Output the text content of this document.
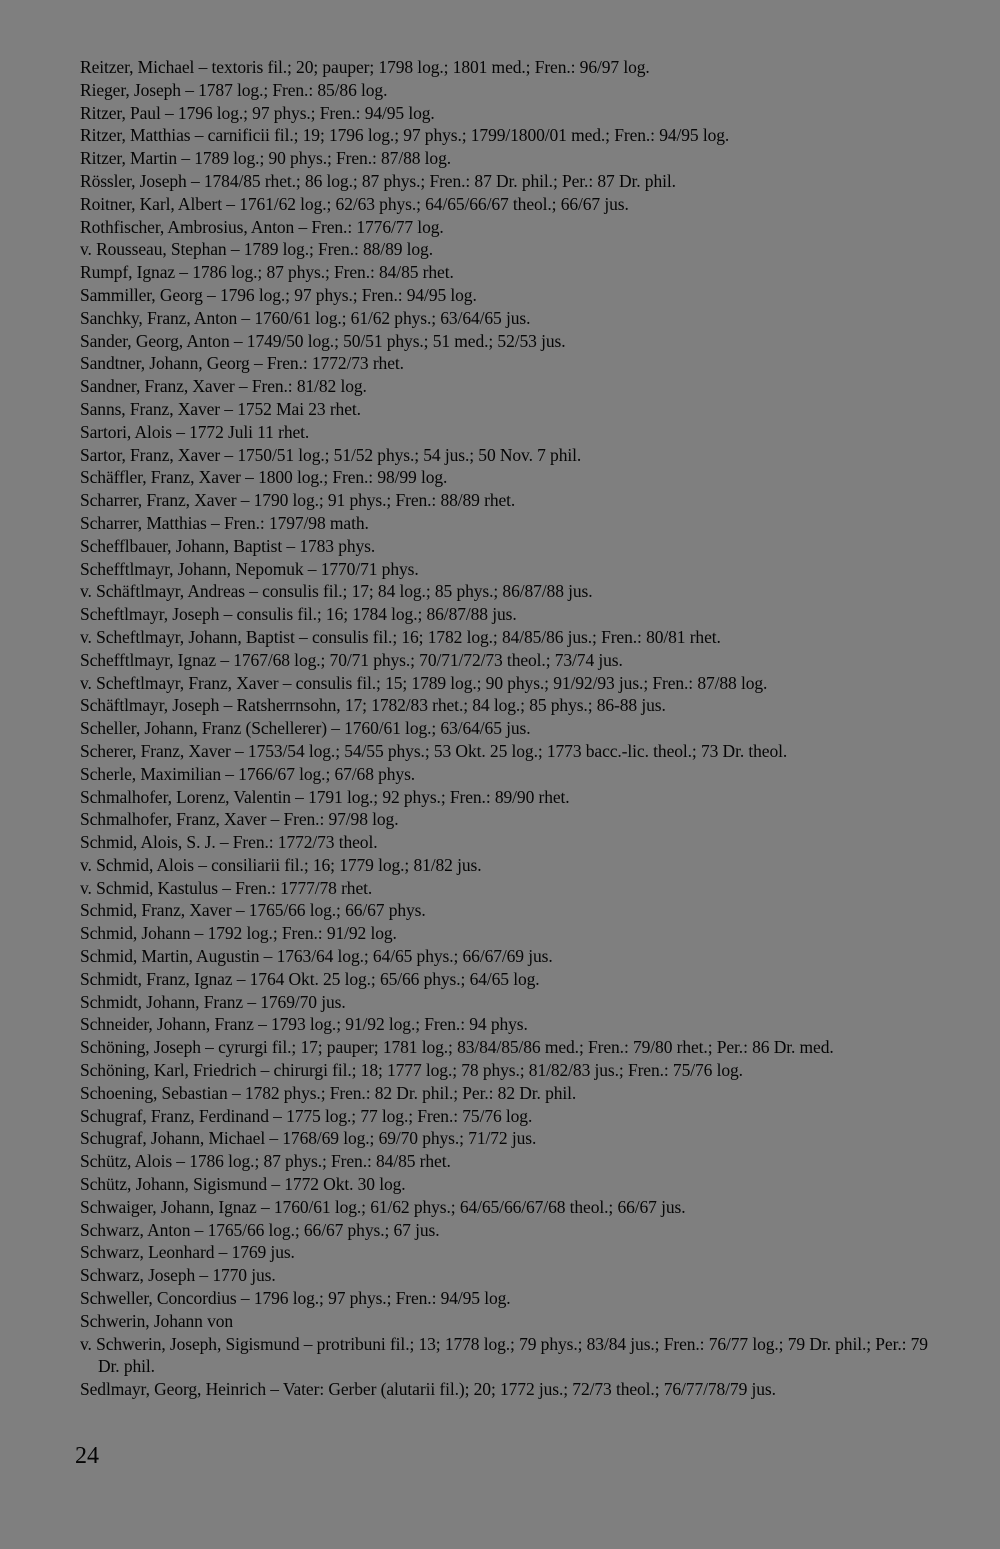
Reitzer, Michael – textoris fil.; 20; pauper; 1798 log.; 1801 med.; Fren.: 96/97 log.

Rieger, Joseph – 1787 log.; Fren.: 85/86 log.

Ritzer, Paul – 1796 log.; 97 phys.; Fren.: 94/95 log.

Ritzer, Matthias – carnificii fil.; 19; 1796 log.; 97 phys.; 1799/1800/01 med.; Fren.: 94/95 log.

Ritzer, Martin – 1789 log.; 90 phys.; Fren.: 87/88 log.

Rössler, Joseph – 1784/85 rhet.; 86 log.; 87 phys.; Fren.: 87 Dr. phil.; Per.: 87 Dr. phil.

Roitner, Karl, Albert – 1761/62 log.; 62/63 phys.; 64/65/66/67 theol.; 66/67 jus.

Rothfischer, Ambrosius, Anton – Fren.: 1776/77 log.

v. Rousseau, Stephan – 1789 log.; Fren.: 88/89 log.

Rumpf, Ignaz – 1786 log.; 87 phys.; Fren.: 84/85 rhet.

Sammiller, Georg – 1796 log.; 97 phys.; Fren.: 94/95 log.

Sanchky, Franz, Anton – 1760/61 log.; 61/62 phys.; 63/64/65 jus.

Sander, Georg, Anton – 1749/50 log.; 50/51 phys.; 51 med.; 52/53 jus.

Sandtner, Johann, Georg – Fren.: 1772/73 rhet.

Sandner, Franz, Xaver – Fren.: 81/82 log.

Sanns, Franz, Xaver – 1752 Mai 23 rhet.

Sartori, Alois – 1772 Juli 11 rhet.

Sartor, Franz, Xaver – 1750/51 log.; 51/52 phys.; 54 jus.; 50 Nov. 7 phil.

Schäffler, Franz, Xaver – 1800 log.; Fren.: 98/99 log.

Scharrer, Franz, Xaver – 1790 log.; 91 phys.; Fren.: 88/89 rhet.

Scharrer, Matthias – Fren.: 1797/98 math.

Schefflbauer, Johann, Baptist – 1783 phys.

Schefftlmayr, Johann, Nepomuk – 1770/71 phys.

v. Schäftlmayr, Andreas – consulis fil.; 17; 84 log.; 85 phys.; 86/87/88 jus.

Scheftlmayr, Joseph – consulis fil.; 16; 1784 log.; 86/87/88 jus.

v. Scheftlmayr, Johann, Baptist – consulis fil.; 16; 1782 log.; 84/85/86 jus.; Fren.: 80/81 rhet.

Schefftlmayr, Ignaz – 1767/68 log.; 70/71 phys.; 70/71/72/73 theol.; 73/74 jus.

v. Scheftlmayr, Franz, Xaver – consulis fil.; 15; 1789 log.; 90 phys.; 91/92/93 jus.; Fren.: 87/88 log.

Schäftlmayr, Joseph – Ratsherrnsohn, 17; 1782/83 rhet.; 84 log.; 85 phys.; 86-88 jus.

Scheller, Johann, Franz (Schellerer) – 1760/61 log.; 63/64/65 jus.

Scherer, Franz, Xaver – 1753/54 log.; 54/55 phys.; 53 Okt. 25 log.; 1773 bacc.-lic. theol.; 73 Dr. theol.

Scherle, Maximilian – 1766/67 log.; 67/68 phys.

Schmalhofer, Lorenz, Valentin – 1791 log.; 92 phys.; Fren.: 89/90 rhet.

Schmalhofer, Franz, Xaver – Fren.: 97/98 log.

Schmid, Alois, S. J. – Fren.: 1772/73 theol.

v. Schmid, Alois – consiliarii fil.; 16; 1779 log.; 81/82 jus.

v. Schmid, Kastulus – Fren.: 1777/78 rhet.

Schmid, Franz, Xaver – 1765/66 log.; 66/67 phys.

Schmid, Johann – 1792 log.; Fren.: 91/92 log.

Schmid, Martin, Augustin – 1763/64 log.; 64/65 phys.; 66/67/69 jus.

Schmidt, Franz, Ignaz – 1764 Okt. 25 log.; 65/66 phys.; 64/65 log.

Schmidt, Johann, Franz – 1769/70 jus.

Schneider, Johann, Franz – 1793 log.; 91/92 log.; Fren.: 94 phys.

Schöning, Joseph – cyrurgi fil.; 17; pauper; 1781 log.; 83/84/85/86 med.; Fren.: 79/80 rhet.; Per.: 86 Dr. med.

Schöning, Karl, Friedrich – chirurgi fil.; 18; 1777 log.; 78 phys.; 81/82/83 jus.; Fren.: 75/76 log.

Schoening, Sebastian – 1782 phys.; Fren.: 82 Dr. phil.; Per.: 82 Dr. phil.

Schugraf, Franz, Ferdinand – 1775 log.; 77 log.; Fren.: 75/76 log.

Schugraf, Johann, Michael – 1768/69 log.; 69/70 phys.; 71/72 jus.

Schütz, Alois – 1786 log.; 87 phys.; Fren.: 84/85 rhet.

Schütz, Johann, Sigismund – 1772 Okt. 30 log.

Schwaiger, Johann, Ignaz – 1760/61 log.; 61/62 phys.; 64/65/66/67/68 theol.; 66/67 jus.

Schwarz, Anton – 1765/66 log.; 66/67 phys.; 67 jus.

Schwarz, Leonhard – 1769 jus.

Schwarz, Joseph – 1770 jus.

Schweller, Concordius – 1796 log.; 97 phys.; Fren.: 94/95 log.

Schwerin, Johann von

v. Schwerin, Joseph, Sigismund – protribuni fil.; 13; 1778 log.; 79 phys.; 83/84 jus.; Fren.: 76/77 log.; 79 Dr. phil.; Per.: 79 Dr. phil.

Sedlmayr, Georg, Heinrich – Vater: Gerber (alutarii fil.); 20; 1772 jus.; 72/73 theol.; 76/77/78/79 jus.

24
